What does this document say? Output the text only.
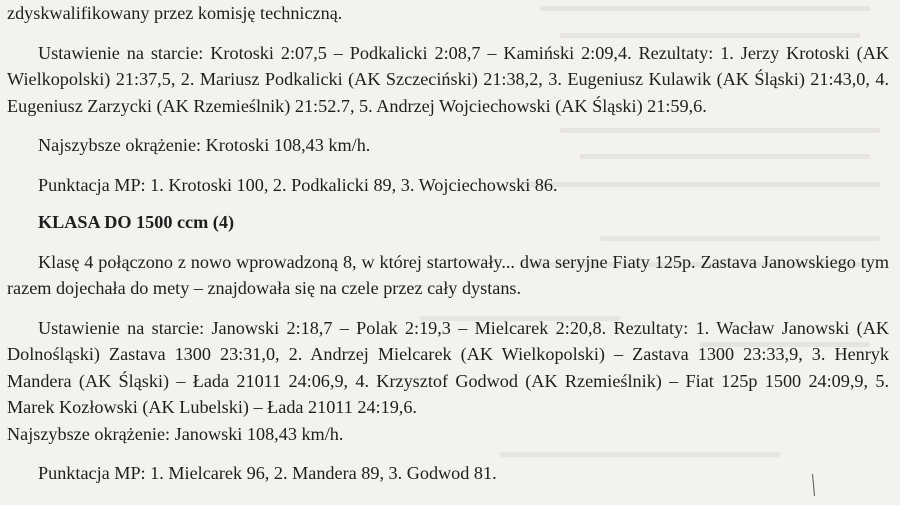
zdyskwalifikowany przez komisję techniczną.

Ustawienie na starcie: Krotoski 2:07,5 – Podkalicki 2:08,7 – Kamiński 2:09,4. Rezultaty: 1. Jerzy Krotoski (AK Wielkopolski) 21:37,5, 2. Mariusz Podkalicki (AK Szczeciński) 21:38,2, 3. Eugeniusz Kulawik (AK Śląski) 21:43,0, 4. Eugeniusz Zarzycki (AK Rzemieślnik) 21:52.7, 5. Andrzej Wojciechowski (AK Śląski) 21:59,6.

Najszybsze okrążenie: Krotoski 108,43 km/h.

Punktacja MP: 1. Krotoski 100, 2. Podkalicki 89, 3. Wojciechowski 86.

KLASA DO 1500 ccm (4)

Klasę 4 połączono z nowo wprowadzoną 8, w której startowały... dwa seryjne Fiaty 125p. Zastava Janowskiego tym razem dojechała do mety – znajdowała się na czele przez cały dystans.

Ustawienie na starcie: Janowski 2:18,7 – Polak 2:19,3 – Mielcarek 2:20,8. Rezultaty: 1. Wacław Janowski (AK Dolnośląski) Zastava 1300 23:31,0, 2. Andrzej Mielcarek (AK Wielkopolski) – Zastava 1300 23:33,9, 3. Henryk Mandera (AK Śląski) – Łada 21011 24:06,9, 4. Krzysztof Godwod (AK Rzemieślnik) – Fiat 125p 1500 24:09,9, 5. Marek Kozłowski (AK Lubelski) – Łada 21011 24:19,6.

Najszybsze okrążenie: Janowski 108,43 km/h.

Punktacja MP: 1. Mielcarek 96, 2. Mandera 89, 3. Godwod 81.
